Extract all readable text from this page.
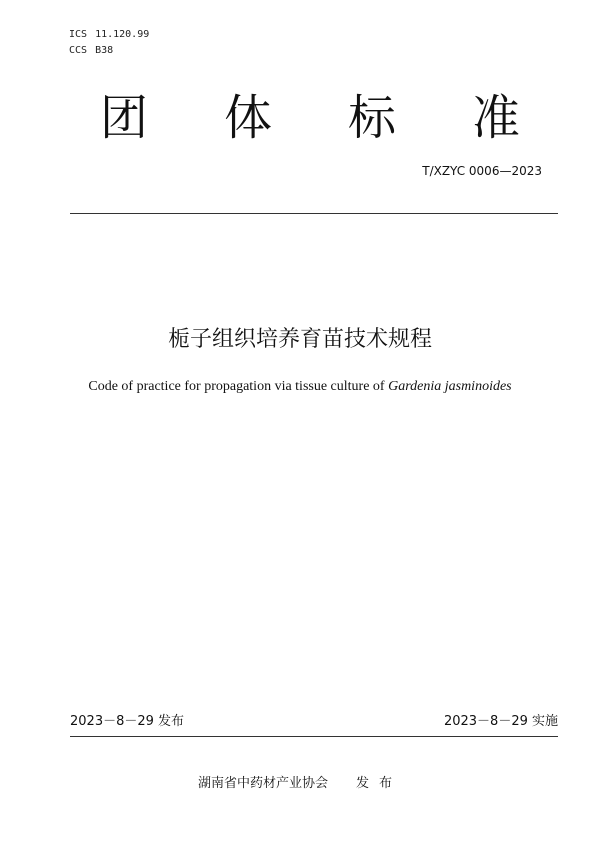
ICS 11.120.99
CCS B38
团 体 标 准
T/XZYC 0006—2023
栀子组织培养育苗技术规程
Code of practice for propagation via tissue culture of Gardenia jasminoides
2023－8－29 发布	2023－8－29 实施
湖南省中药材产业协会 发布
